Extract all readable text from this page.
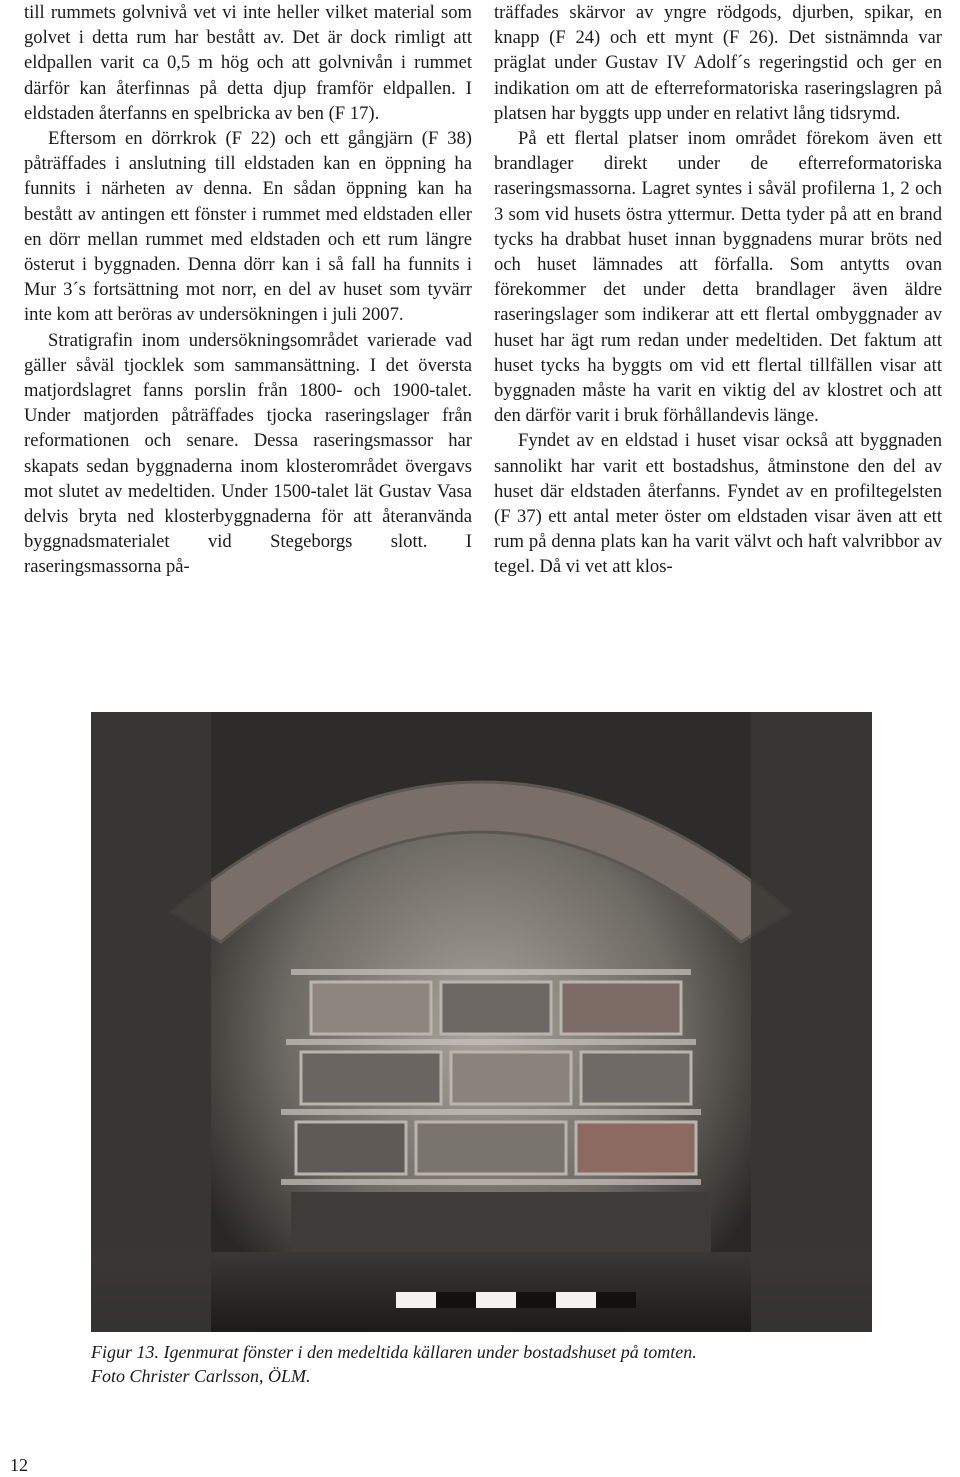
till rummets golvnivå vet vi inte heller vilket material som golvet i detta rum har bestått av. Det är dock rimligt att eldpallen varit ca 0,5 m hög och att golvnivån i rummet därför kan återfinnas på detta djup framför eldpallen. I eldstaden återfanns en spelbricka av ben (F 17).

Eftersom en dörrkrok (F 22) och ett gångjärn (F 38) påträffades i anslutning till eldstaden kan en öppning ha funnits i närheten av denna. En sådan öppning kan ha bestått av antingen ett fönster i rummet med eldstaden eller en dörr mellan rummet med eldstaden och ett rum längre österut i byggnaden. Denna dörr kan i så fall ha funnits i Mur 3´s fortsättning mot norr, en del av huset som tyvärr inte kom att beröras av undersökningen i juli 2007.

Stratigrafin inom undersökningsområdet varierade vad gäller såväl tjocklek som sammansättning. I det översta matjordslagret fanns porslin från 1800- och 1900-talet. Under matjorden påträffades tjocka raseringslager från reformationen och senare. Dessa raseringsmassor har skapats sedan byggnaderna inom klosterområdet övergavs mot slutet av medeltiden. Under 1500-talet lät Gustav Vasa delvis bryta ned klosterbyggnaderna för att återanvända byggnadsmaterialet vid Stegeborgs slott. I raseringsmassorna på-

träffades skärvor av yngre rödgods, djurben, spikar, en knapp (F 24) och ett mynt (F 26). Det sistnämnda var präglat under Gustav IV Adolf´s regeringstid och ger en indikation om att de efterreformatoriska raseringslagren på platsen har byggts upp under en relativt lång tidsrymd.

På ett flertal platser inom området förekom även ett brandlager direkt under de efterreformatoriska raseringsmassorna. Lagret syntes i såväl profilerna 1, 2 och 3 som vid husets östra yttermur. Detta tyder på att en brand tycks ha drabbat huset innan byggnadens murar bröts ned och huset lämnades att förfalla. Som antytts ovan förekommer det under detta brandlager även äldre raseringslager som indikerar att ett flertal ombyggnader av huset har ägt rum redan under medeltiden. Det faktum att huset tycks ha byggts om vid ett flertal tillfällen visar att byggnaden måste ha varit en viktig del av klostret och att den därför varit i bruk förhållandevis länge.

Fyndet av en eldstad i huset visar också att byggnaden sannolikt har varit ett bostadshus, åtminstone den del av huset där eldstaden återfanns. Fyndet av en profiltegelsten (F 37) ett antal meter öster om eldstaden visar även att ett rum på denna plats kan ha varit välvt och haft valvribbor av tegel. Då vi vet att klos-

Figur 13. Igenmurat fönster i den medeltida källaren under bostadshuset på tomten.
Foto Christer Carlsson, ÖLM.
12
